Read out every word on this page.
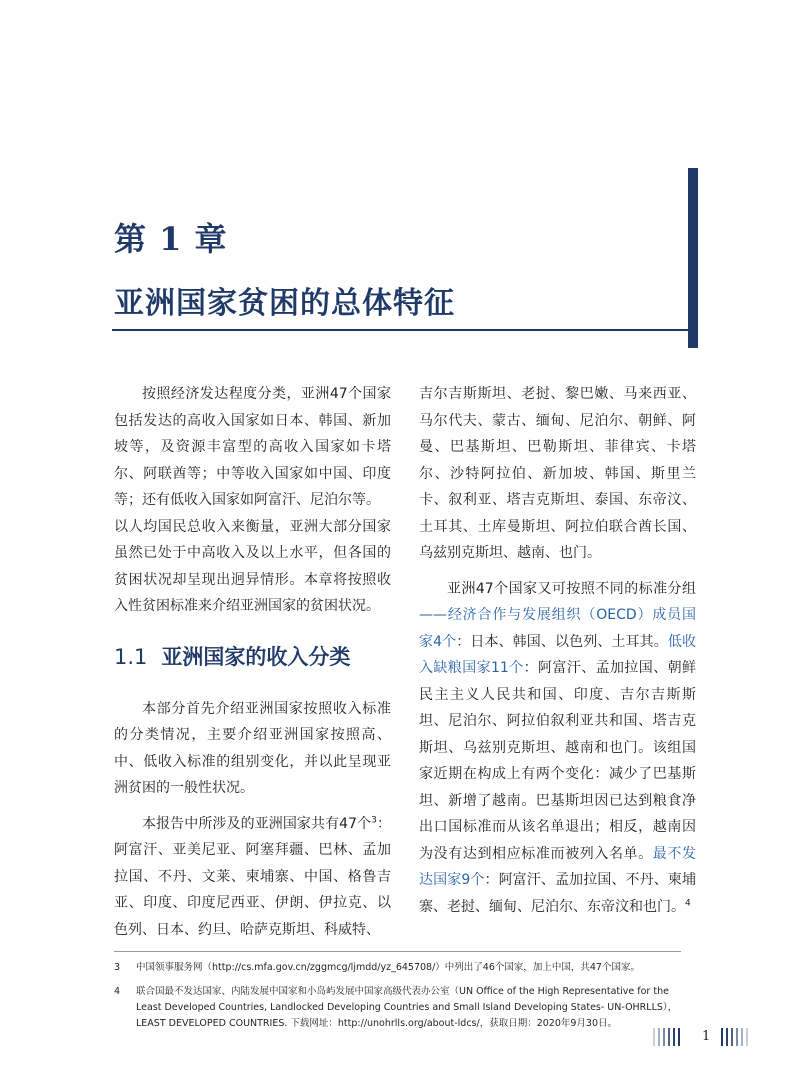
第 1 章
亚洲国家贫困的总体特征

按照经济发达程度分类，亚洲47个国家包括发达的高收入国家如日本、韩国、新加坡等，及资源丰富型的高收入国家如卡塔尔、阿联酋等；中等收入国家如中国、印度等；还有低收入国家如阿富汗、尼泊尔等。

以人均国民总收入来衡量，亚洲大部分国家虽然已处于中高收入及以上水平，但各国的贫困状况却呈现出迥异情形。本章将按照收入性贫困标准来介绍亚洲国家的贫困状况。

1.1 亚洲国家的收入分类

本部分首先介绍亚洲国家按照收入标准的分类情况，主要介绍亚洲国家按照高、中、低收入标准的组别变化，并以此呈现亚洲贫困的一般性状况。

本报告中所涉及的亚洲国家共有47个$^3$：阿富汗、亚美尼亚、阿塞拜疆、巴林、孟加拉国、不丹、文莱、柬埔寨、中国、格鲁吉亚、印度、印度尼西亚、伊朗、伊拉克、以色列、日本、约旦、哈萨克斯坦、科威特、

吉尔吉斯斯坦、老挝、黎巴嫩、马来西亚、马尔代夫、蒙古、缅甸、尼泊尔、朝鲜、阿曼、巴基斯坦、巴勒斯坦、菲律宾、卡塔尔、沙特阿拉伯、新加坡、韩国、斯里兰卡、叙利亚、塔吉克斯坦、泰国、东帝汶、土耳其、土库曼斯坦、阿拉伯联合酋长国、乌兹别克斯坦、越南、也门。

亚洲47个国家又可按照不同的标准分组——经济合作与发展组织（OECD）成员国家4个：日本、韩国、以色列、土耳其。低收入缺粮国家11个：阿富汗、孟加拉国、朝鲜民主主义人民共和国、印度、吉尔吉斯斯坦、尼泊尔、阿拉伯叙利亚共和国、塔吉克斯坦、乌兹别克斯坦、越南和也门。该组国家近期在构成上有两个变化：减少了巴基斯坦、新增了越南。巴基斯坦因已达到粮食净出口国标准而从该名单退出；相反，越南因为没有达到相应标准而被列入名单。最不发达国家9个：阿富汗、孟加拉国、不丹、柬埔寨、老挝、缅甸、尼泊尔、东帝汶和也门。$^4$

3 中国领事服务网（http://cs.mfa.gov.cn/zggmcg/ljmdd/yz_645708/）中列出了46个国家，加上中国，共47个国家。
4 联合国最不发达国家、内陆发展中国家和小岛屿发展中国家高级代表办公室（UN Office of the High Representative for the Least Developed Countries, Landlocked Developing Countries and Small Island Developing States- UN-OHRLLS），LEAST DEVELOPED COUNTRIES. 下载网址：http://unohrlls.org/about-ldcs/，获取日期：2020年9月30日。
1
